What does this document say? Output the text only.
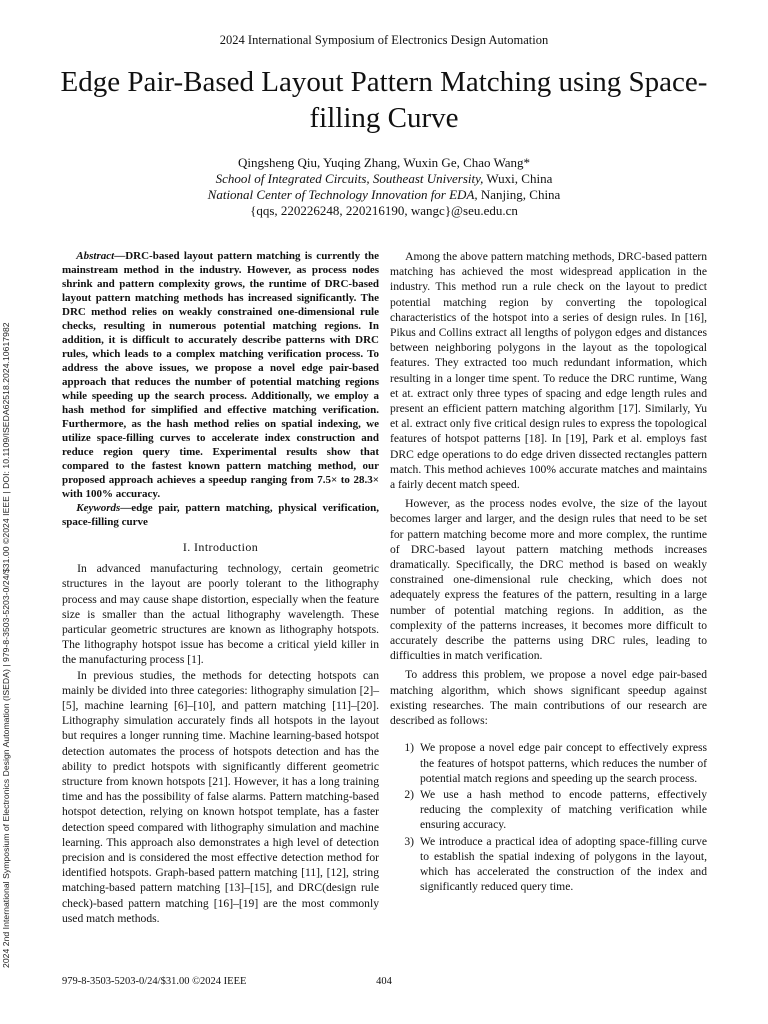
2024 International Symposium of Electronics Design Automation
Edge Pair-Based Layout Pattern Matching using Space-filling Curve
Qingsheng Qiu, Yuqing Zhang, Wuxin Ge, Chao Wang*
School of Integrated Circuits, Southeast University, Wuxi, China
National Center of Technology Innovation for EDA, Nanjing, China
{qqs, 220226248, 220216190, wangc}@seu.edu.cn
2024 2nd International Symposium of Electronics Design Automation (ISEDA) | 979-8-3503-5203-0/24/$31.00 ©2024 IEEE | DOI: 10.1109/ISEDA62518.2024.10617982

Abstract—DRC-based layout pattern matching is currently the mainstream method in the industry. However, as process nodes shrink and pattern complexity grows, the runtime of DRC-based layout pattern matching methods has increased significantly. The DRC method relies on weakly constrained one-dimensional rule checks, resulting in numerous potential matching regions. In addition, it is difficult to accurately describe patterns with DRC rules, which leads to a complex matching verification process. To address the above issues, we propose a novel edge pair-based approach that reduces the number of potential matching regions while speeding up the search process. Additionally, we employ a hash method for simplified and effective matching verification. Furthermore, as the hash method relies on spatial indexing, we utilize space-filling curves to accelerate index construction and reduce region query time. Experimental results show that compared to the fastest known pattern matching method, our proposed approach achieves a speedup ranging from 7.5× to 28.3× with 100% accuracy.

Keywords—edge pair, pattern matching, physical verification, space-filling curve

I. Introduction

In advanced manufacturing technology, certain geometric structures in the layout are poorly tolerant to the lithography process and may cause shape distortion, especially when the feature size is smaller than the actual lithography wavelength. These particular geometric structures are known as lithography hotspots. The lithography hotspot issue has become a critical yield killer in the manufacturing process [1].

In previous studies, the methods for detecting hotspots can mainly be divided into three categories: lithography simulation [2]–[5], machine learning [6]–[10], and pattern matching [11]–[20]. Lithography simulation accurately finds all hotspots in the layout but requires a longer running time. Machine learning-based hotspot detection automates the process of hotspots detection and has the ability to predict hotspots with significantly different geometric structure from known hotspots [21]. However, it has a long training time and has the possibility of false alarms. Pattern matching-based hotspot detection, relying on known hotspot template, has a faster detection speed compared with lithography simulation and machine learning. This approach also demonstrates a high level of detection precision and is considered the most effective detection method for identified hotspots. Graph-based pattern matching [11], [12], string matching-based pattern matching [13]–[15], and DRC(design rule check)-based pattern matching [16]–[19] are the most commonly used match methods.

Among the above pattern matching methods, DRC-based pattern matching has achieved the most widespread application in the industry. This method run a rule check on the layout to predict potential matching region by converting the topological characteristics of the hotspot into a series of design rules. In [16], Pikus and Collins extract all lengths of polygon edges and distances between neighboring polygons in the layout as the topological features. They extracted too much redundant information, which resulting in a longer time spent. To reduce the DRC runtime, Wang et at. extract only three types of spacing and edge length rules and present an efficient pattern matching algorithm [17]. Similarly, Yu et al. extract only five critical design rules to express the topological features of hotspot patterns [18]. In [19], Park et al. employs fast DRC edge operations to do edge driven dissected rectangles pattern match. This method achieves 100% accurate matches and maintains a fairly decent match speed.

However, as the process nodes evolve, the size of the layout becomes larger and larger, and the design rules that need to be set for pattern matching become more and more complex, the runtime of DRC-based layout pattern matching methods increases dramatically. Specifically, the DRC method is based on weakly constrained one-dimensional rule checking, which does not adequately express the features of the pattern, resulting in a large number of potential matching regions. In addition, as the complexity of the patterns increases, it becomes more difficult to accurately describe the patterns using DRC rules, leading to difficulties in match verification.

To address this problem, we propose a novel edge pair-based matching algorithm, which shows significant speedup against existing researches. The main contributions of our research are described as follows:

1) We propose a novel edge pair concept to effectively express the features of hotspot patterns, which reduces the number of potential match regions and speeding up the search process.
2) We use a hash method to encode patterns, effectively reducing the complexity of matching verification while ensuring accuracy.
3) We introduce a practical idea of adopting space-filling curve to establish the spatial indexing of polygons in the layout, which has accelerated the construction of the index and significantly reduced query time.
979-8-3503-5203-0/24/$31.00 ©2024 IEEE	404
